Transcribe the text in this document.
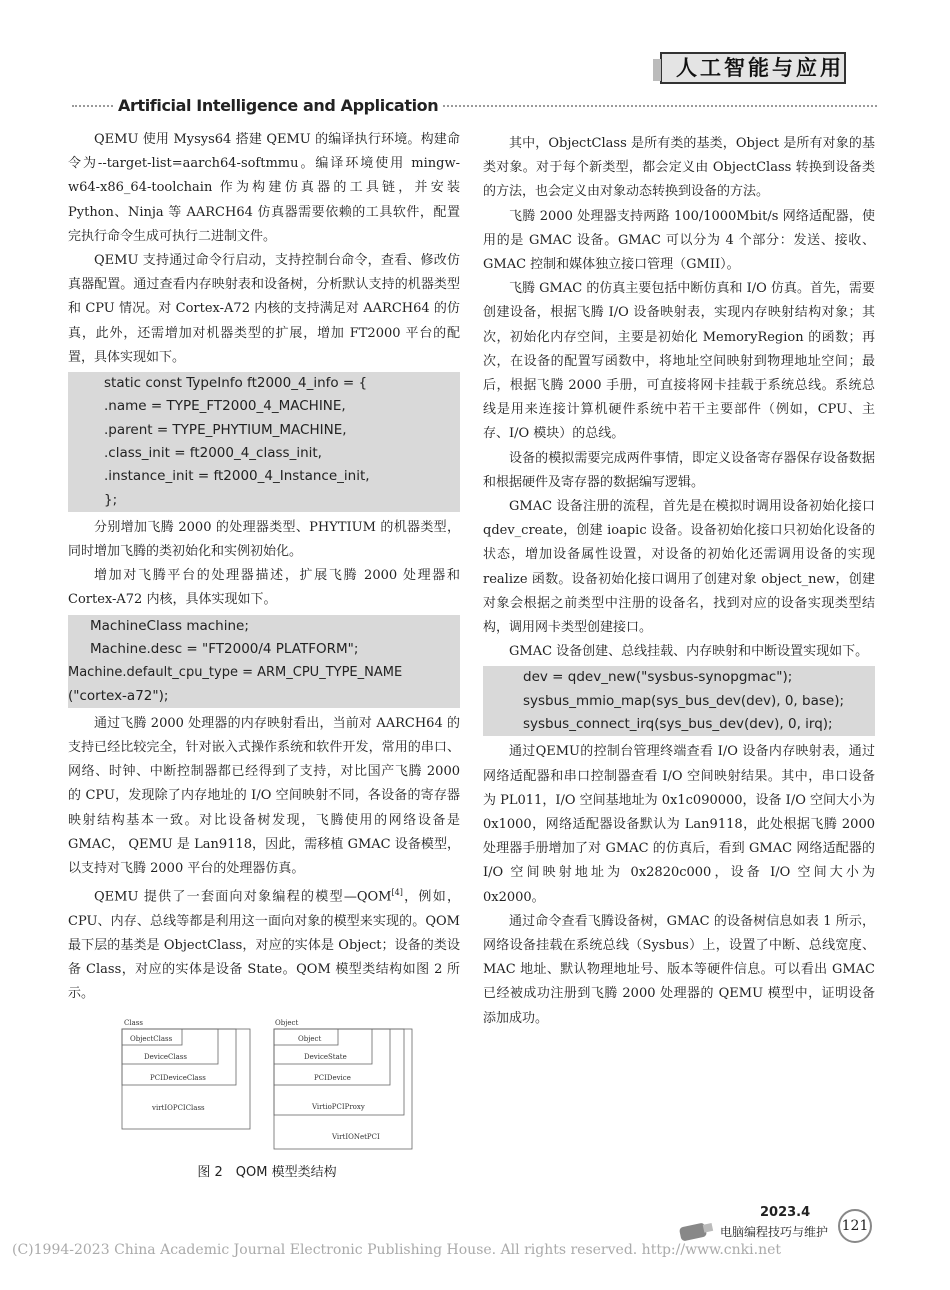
人工智能与应用
Artificial Intelligence and Application

QEMU 使用 Mysys64 搭建 QEMU 的编译执行环境。构建命令为--target-list=aarch64-softmmu。编译环境使用 mingw-w64-x86_64-toolchain 作为构建仿真器的工具链，并安装 Python、Ninja 等 AARCH64 仿真器需要依赖的工具软件，配置完执行命令生成可执行二进制文件。

QEMU 支持通过命令行启动，支持控制台命令，查看、修改仿真器配置。通过查看内存映射表和设备树，分析默认支持的机器类型和 CPU 情况。对 Cortex-A72 内核的支持满足对 AARCH64 的仿真，此外，还需增加对机器类型的扩展，增加 FT2000 平台的配置，具体实现如下。

static const TypeInfo ft2000_4_info = {
.name = TYPE_FT2000_4_MACHINE,
.parent = TYPE_PHYTIUM_MACHINE,
.class_init = ft2000_4_class_init,
.instance_init = ft2000_4_Instance_init,
};

分别增加飞腾 2000 的处理器类型、PHYTIUM 的机器类型，同时增加飞腾的类初始化和实例初始化。

增加对飞腾平台的处理器描述，扩展飞腾 2000 处理器和 Cortex-A72 内核，具体实现如下。

MachineClass machine;
Machine.desc = "FT2000/4 PLATFORM";
Machine.default_cpu_type = ARM_CPU_TYPE_NAME
("cortex-a72");

通过飞腾 2000 处理器的内存映射看出，当前对 AARCH64 的支持已经比较完全，针对嵌入式操作系统和软件开发，常用的串口、网络、时钟、中断控制器都已经得到了支持，对比国产飞腾 2000 的 CPU，发现除了内存地址的 I/O 空间映射不同，各设备的寄存器映射结构基本一致。对比设备树发现，飞腾使用的网络设备是 GMAC， QEMU 是 Lan9118，因此，需移植 GMAC 设备模型，以支持对飞腾 2000 平台的处理器仿真。

QEMU 提供了一套面向对象编程的模型—QOM[4]，例如，CPU、内存、总线等都是利用这一面向对象的模型来实现的。QOM 最下层的基类是 ObjectClass，对应的实体是 Object；设备的类设备 Class，对应的实体是设备 State。QOM 模型类结构如图 2 所示。

Class
ObjectClass
DeviceClass
PCIDeviceClass
virtIOPCIClass
Object
Object
DeviceState
PCIDevice
VirtioPCIProxy
VirtIONetPCI
图 2　QOM 模型类结构

其中，ObjectClass 是所有类的基类，Object 是所有对象的基类对象。对于每个新类型，都会定义由 ObjectClass 转换到设备类的方法，也会定义由对象动态转换到设备的方法。

飞腾 2000 处理器支持两路 100/1000Mbit/s 网络适配器，使用的是 GMAC 设备。GMAC 可以分为 4 个部分：发送、接收、GMAC 控制和媒体独立接口管理（GMII）。

飞腾 GMAC 的仿真主要包括中断仿真和 I/O 仿真。首先，需要创建设备，根据飞腾 I/O 设备映射表，实现内存映射结构对象；其次，初始化内存空间，主要是初始化 MemoryRegion 的函数；再次，在设备的配置写函数中，将地址空间映射到物理地址空间；最后，根据飞腾 2000 手册，可直接将网卡挂载于系统总线。系统总线是用来连接计算机硬件系统中若干主要部件（例如，CPU、主存、I/O 模块）的总线。

设备的模拟需要完成两件事情，即定义设备寄存器保存设备数据和根据硬件及寄存器的数据编写逻辑。

GMAC 设备注册的流程，首先是在模拟时调用设备初始化接口 qdev_create，创建 ioapic 设备。设备初始化接口只初始化设备的状态，增加设备属性设置，对设备的初始化还需调用设备的实现 realize 函数。设备初始化接口调用了创建对象 object_new，创建对象会根据之前类型中注册的设备名，找到对应的设备实现类型结构，调用网卡类型创建接口。

GMAC 设备创建、总线挂载、内存映射和中断设置实现如下。

dev = qdev_new("sysbus-synopgmac");
sysbus_mmio_map(sys_bus_dev(dev), 0, base);
sysbus_connect_irq(sys_bus_dev(dev), 0, irq);

通过QEMU的控制台管理终端查看 I/O 设备内存映射表，通过网络适配器和串口控制器查看 I/O 空间映射结果。其中，串口设备为 PL011，I/O 空间基地址为 0x1c090000，设备 I/O 空间大小为 0x1000，网络适配器设备默认为 Lan9118，此处根据飞腾 2000 处理器手册增加了对 GMAC 的仿真后，看到 GMAC 网络适配器的 I/O 空间映射地址为 0x2820c000，设备 I/O 空间大小为 0x2000。

通过命令查看飞腾设备树，GMAC 的设备树信息如表 1 所示，网络设备挂载在系统总线（Sysbus）上，设置了中断、总线宽度、MAC 地址、默认物理地址号、版本等硬件信息。可以看出 GMAC 已经被成功注册到飞腾 2000 处理器的 QEMU 模型中，证明设备添加成功。

2023.4
电脑编程技巧与维护 121
(C)1994-2023 China Academic Journal Electronic Publishing House. All rights reserved. http://www.cnki.net
